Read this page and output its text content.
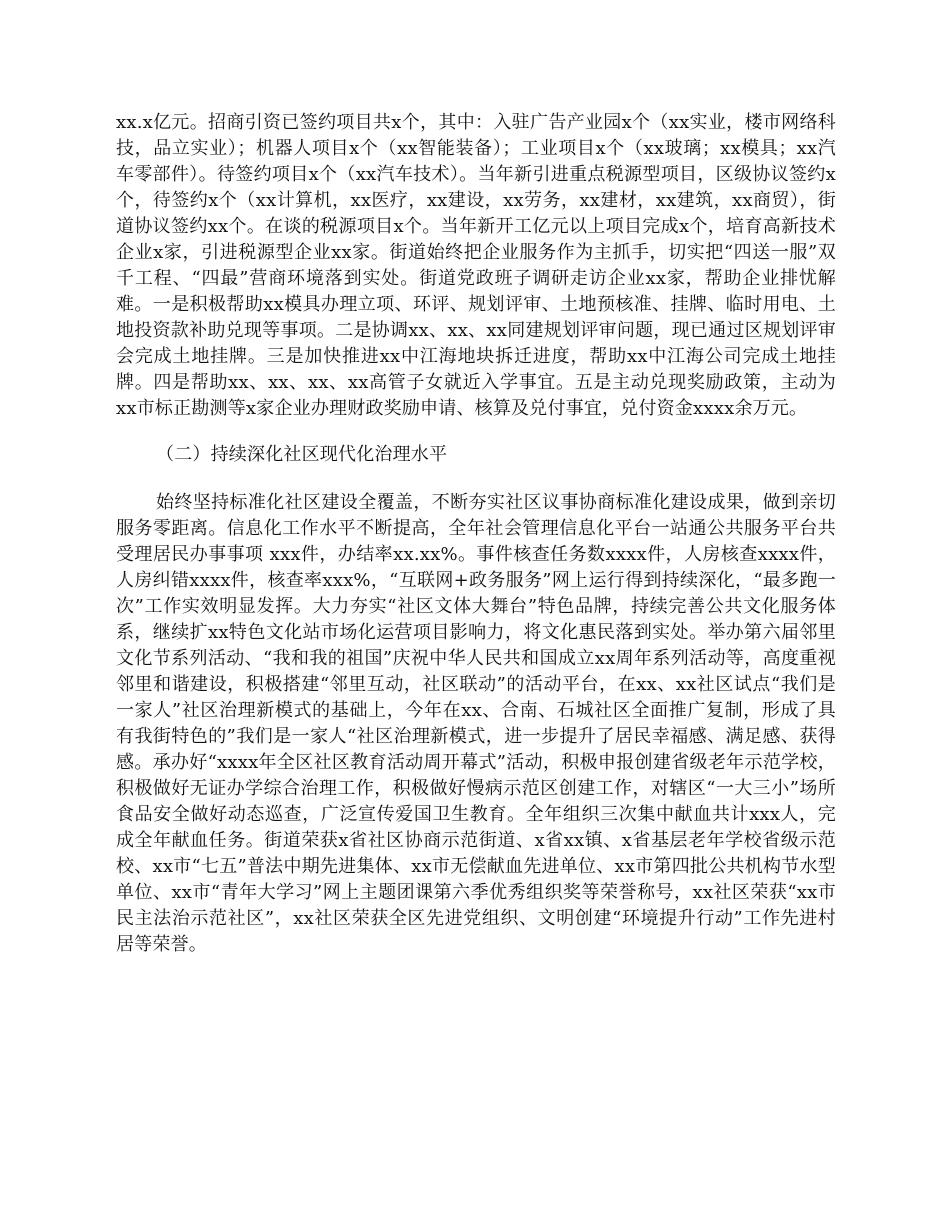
xx.x亿元。招商引资已签约项目共x个，其中：入驻广告产业园x个（xx实业，楼市网络科技，品立实业）；机器人项目x个（xx智能装备）；工业项目x个（xx玻璃；xx模具；xx汽车零部件）。待签约项目x个（xx汽车技术）。当年新引进重点税源型项目，区级协议签约x个，待签约x个（xx计算机，xx医疗，xx建设，xx劳务，xx建材，xx建筑，xx商贸），街道协议签约xx个。在谈的税源项目x个。当年新开工亿元以上项目完成x个，培育高新技术企业x家，引进税源型企业xx家。街道始终把企业服务作为主抓手，切实把“四送一服”双千工程、“四最”营商环境落到实处。街道党政班子调研走访企业xx家，帮助企业排忧解难。一是积极帮助xx模具办理立项、环评、规划评审、土地预核准、挂牌、临时用电、土地投资款补助兑现等事项。二是协调xx、xx、xx同建规划评审问题，现已通过区规划评审会完成土地挂牌。三是加快推进xx中江海地块拆迁进度，帮助xx中江海公司完成土地挂牌。四是帮助xx、xx、xx、xx高管子女就近入学事宜。五是主动兑现奖励政策，主动为xx市标正勘测等x家企业办理财政奖励申请、核算及兑付事宜，兑付资金xxxx余万元。

（二）持续深化社区现代化治理水平

始终坚持标准化社区建设全覆盖，不断夯实社区议事协商标准化建设成果，做到亲切服务零距离。信息化工作水平不断提高，全年社会管理信息化平台一站通公共服务平台共受理居民办事事项 xxx件，办结率xx.xx%。事件核查任务数xxxx件，人房核查xxxx件，人房纠错xxxx件，核查率xxx%，“互联网+政务服务”网上运行得到持续深化，“最多跑一次”工作实效明显发挥。大力夯实“社区文体大舞台”特色品牌，持续完善公共文化服务体系，继续扩xx特色文化站市场化运营项目影响力，将文化惠民落到实处。举办第六届邻里文化节系列活动、“我和我的祖国”庆祝中华人民共和国成立xx周年系列活动等，高度重视邻里和谐建设，积极搭建“邻里互动，社区联动”的活动平台，在xx、xx社区试点“我们是一家人”社区治理新模式的基础上，今年在xx、合南、石城社区全面推广复制，形成了具有我街特色的”我们是一家人“社区治理新模式，进一步提升了居民幸福感、满足感、获得感。承办好“xxxx年全区社区教育活动周开幕式”活动，积极申报创建省级老年示范学校，积极做好无证办学综合治理工作，积极做好慢病示范区创建工作，对辖区“一大三小”场所食品安全做好动态巡查，广泛宣传爱国卫生教育。全年组织三次集中献血共计xxx人，完成全年献血任务。街道荣获x省社区协商示范街道、x省xx镇、x省基层老年学校省级示范校、xx市“七五”普法中期先进集体、xx市无偿献血先进单位、xx市第四批公共机构节水型单位、xx市“青年大学习”网上主题团课第六季优秀组织奖等荣誉称号，xx社区荣获“xx市民主法治示范社区”，xx社区荣获全区先进党组织、文明创建“环境提升行动”工作先进村居等荣誉。
